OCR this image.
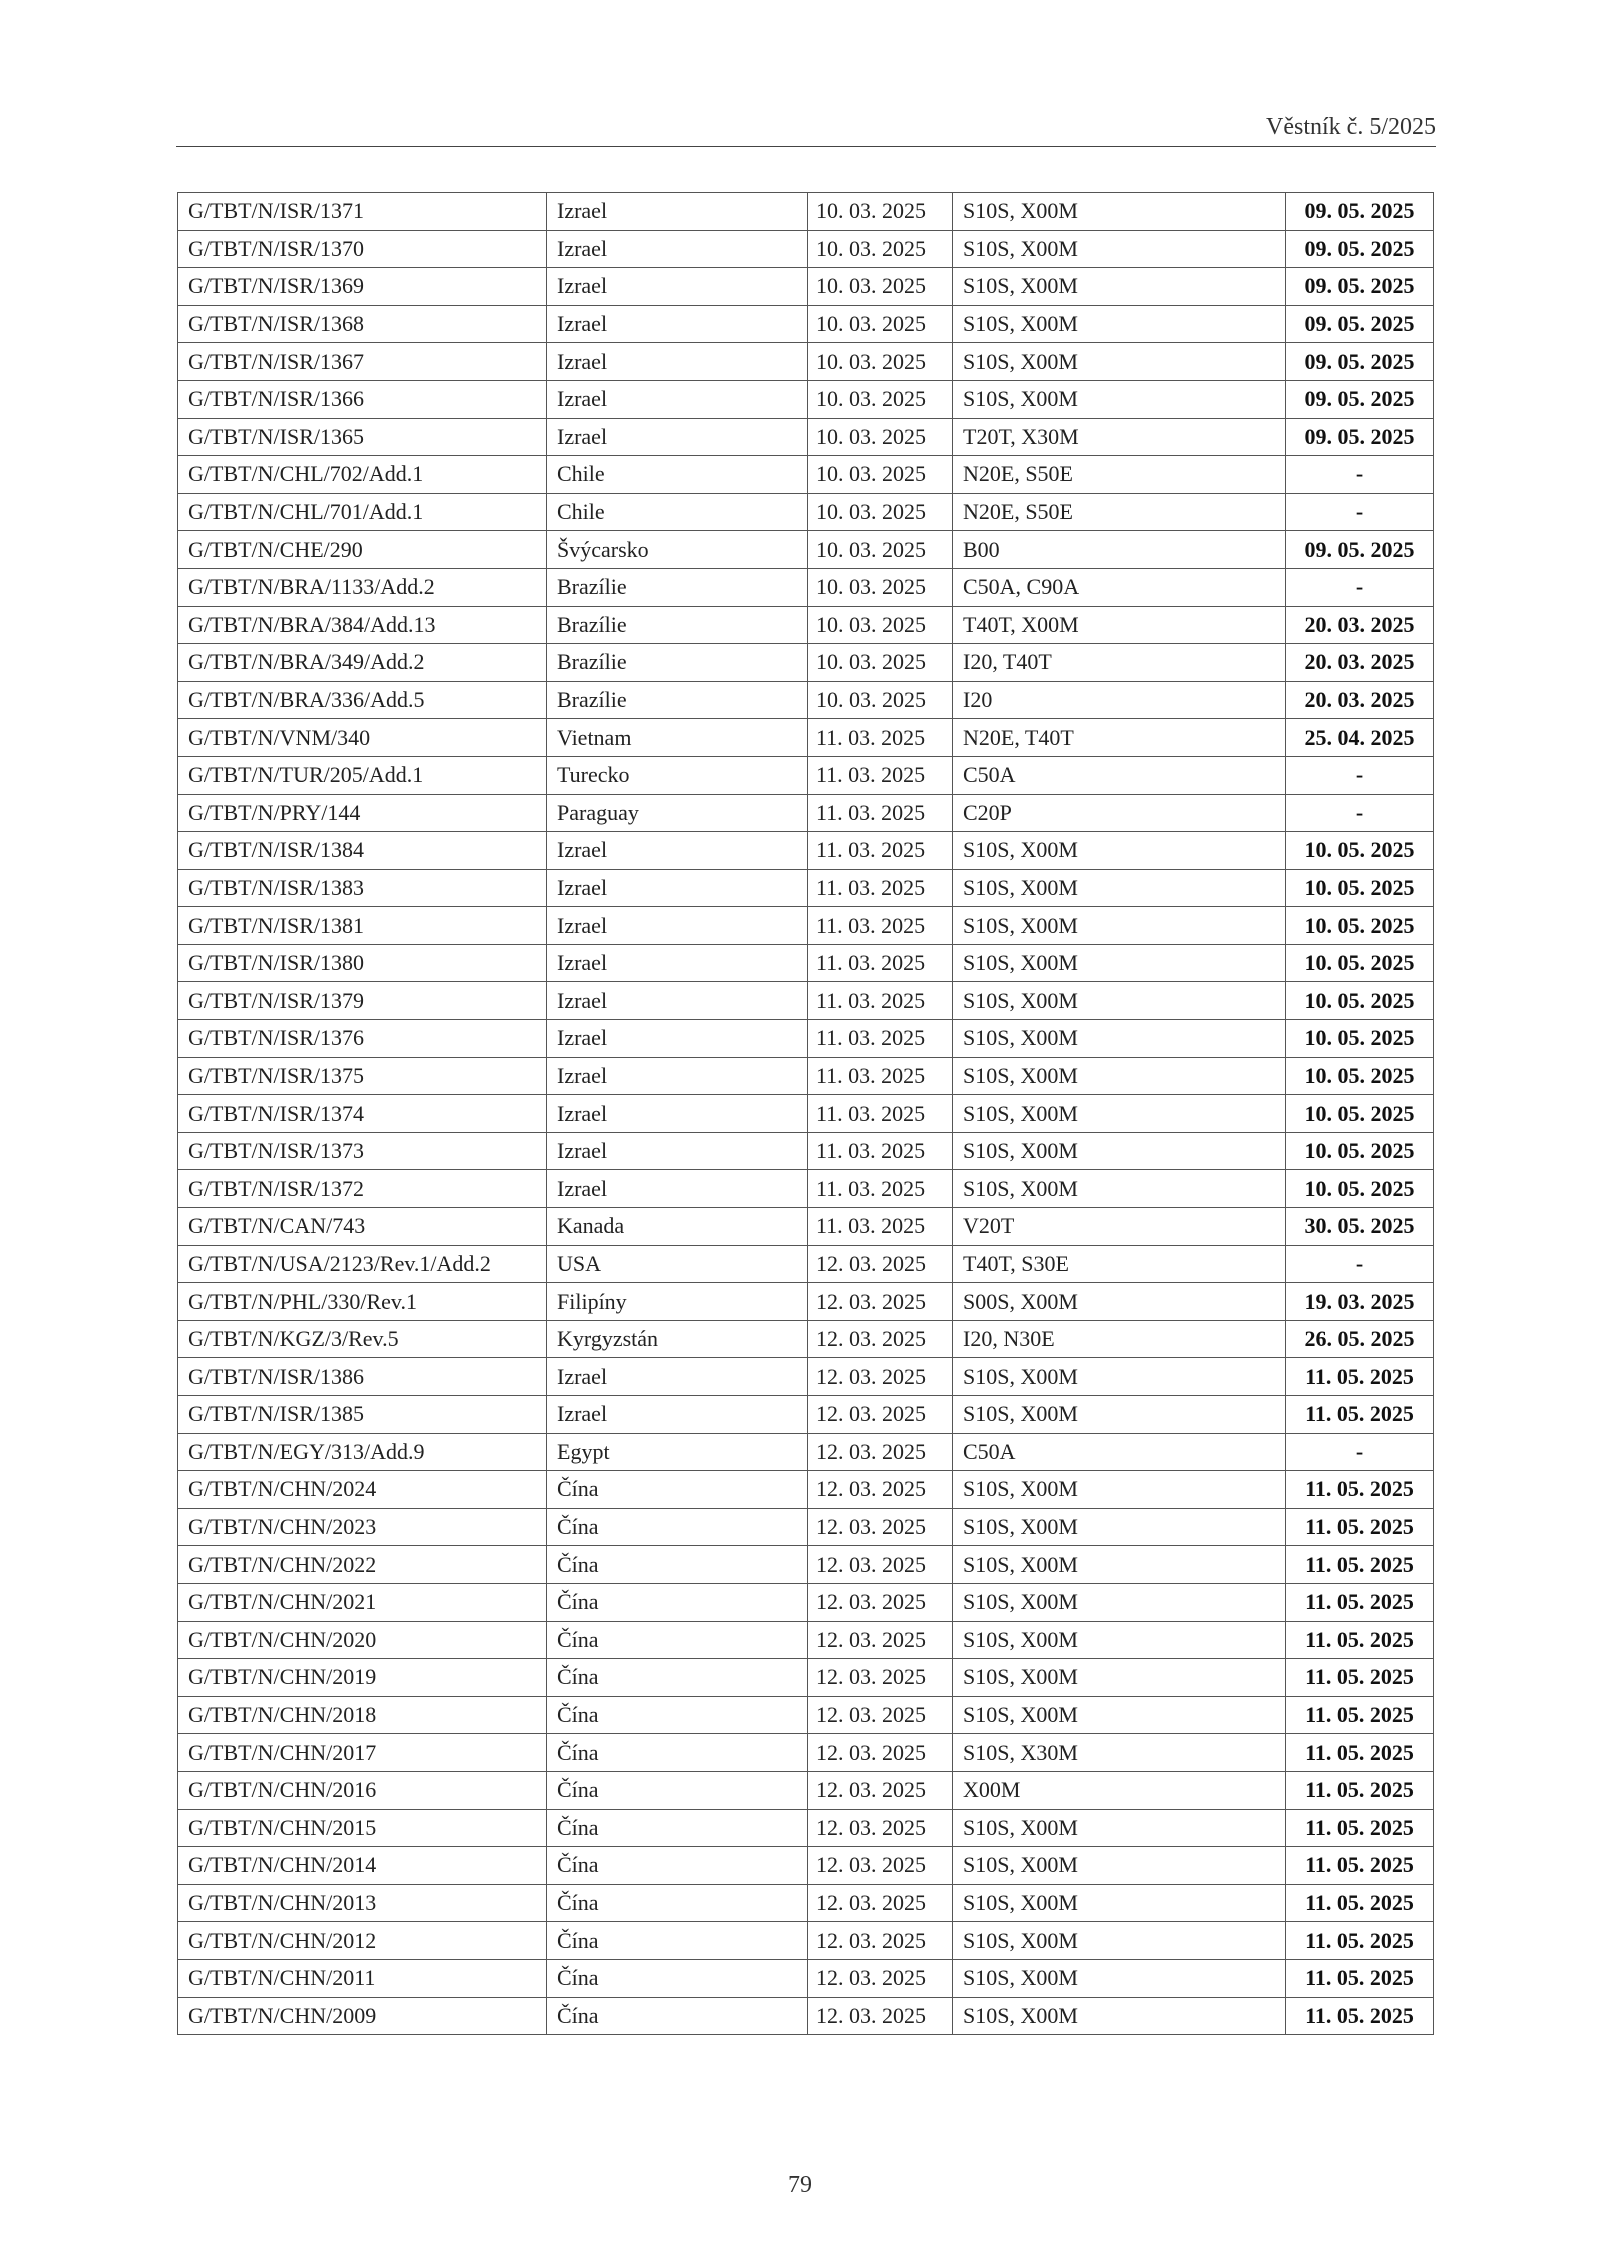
Věstník č. 5/2025
G/TBT/N/ISR/1371	Izrael	10. 03. 2025	S10S, X00M	09. 05. 2025
G/TBT/N/ISR/1370	Izrael	10. 03. 2025	S10S, X00M	09. 05. 2025
G/TBT/N/ISR/1369	Izrael	10. 03. 2025	S10S, X00M	09. 05. 2025
G/TBT/N/ISR/1368	Izrael	10. 03. 2025	S10S, X00M	09. 05. 2025
G/TBT/N/ISR/1367	Izrael	10. 03. 2025	S10S, X00M	09. 05. 2025
G/TBT/N/ISR/1366	Izrael	10. 03. 2025	S10S, X00M	09. 05. 2025
G/TBT/N/ISR/1365	Izrael	10. 03. 2025	T20T, X30M	09. 05. 2025
G/TBT/N/CHL/702/Add.1	Chile	10. 03. 2025	N20E, S50E	-
G/TBT/N/CHL/701/Add.1	Chile	10. 03. 2025	N20E, S50E	-
G/TBT/N/CHE/290	Švýcarsko	10. 03. 2025	B00	09. 05. 2025
G/TBT/N/BRA/1133/Add.2	Brazílie	10. 03. 2025	C50A, C90A	-
G/TBT/N/BRA/384/Add.13	Brazílie	10. 03. 2025	T40T, X00M	20. 03. 2025
G/TBT/N/BRA/349/Add.2	Brazílie	10. 03. 2025	I20, T40T	20. 03. 2025
G/TBT/N/BRA/336/Add.5	Brazílie	10. 03. 2025	I20	20. 03. 2025
G/TBT/N/VNM/340	Vietnam	11. 03. 2025	N20E, T40T	25. 04. 2025
G/TBT/N/TUR/205/Add.1	Turecko	11. 03. 2025	C50A	-
G/TBT/N/PRY/144	Paraguay	11. 03. 2025	C20P	-
G/TBT/N/ISR/1384	Izrael	11. 03. 2025	S10S, X00M	10. 05. 2025
G/TBT/N/ISR/1383	Izrael	11. 03. 2025	S10S, X00M	10. 05. 2025
G/TBT/N/ISR/1381	Izrael	11. 03. 2025	S10S, X00M	10. 05. 2025
G/TBT/N/ISR/1380	Izrael	11. 03. 2025	S10S, X00M	10. 05. 2025
G/TBT/N/ISR/1379	Izrael	11. 03. 2025	S10S, X00M	10. 05. 2025
G/TBT/N/ISR/1376	Izrael	11. 03. 2025	S10S, X00M	10. 05. 2025
G/TBT/N/ISR/1375	Izrael	11. 03. 2025	S10S, X00M	10. 05. 2025
G/TBT/N/ISR/1374	Izrael	11. 03. 2025	S10S, X00M	10. 05. 2025
G/TBT/N/ISR/1373	Izrael	11. 03. 2025	S10S, X00M	10. 05. 2025
G/TBT/N/ISR/1372	Izrael	11. 03. 2025	S10S, X00M	10. 05. 2025
G/TBT/N/CAN/743	Kanada	11. 03. 2025	V20T	30. 05. 2025
G/TBT/N/USA/2123/Rev.1/Add.2	USA	12. 03. 2025	T40T, S30E	-
G/TBT/N/PHL/330/Rev.1	Filipíny	12. 03. 2025	S00S, X00M	19. 03. 2025
G/TBT/N/KGZ/3/Rev.5	Kyrgyzstán	12. 03. 2025	I20, N30E	26. 05. 2025
G/TBT/N/ISR/1386	Izrael	12. 03. 2025	S10S, X00M	11. 05. 2025
G/TBT/N/ISR/1385	Izrael	12. 03. 2025	S10S, X00M	11. 05. 2025
G/TBT/N/EGY/313/Add.9	Egypt	12. 03. 2025	C50A	-
G/TBT/N/CHN/2024	Čína	12. 03. 2025	S10S, X00M	11. 05. 2025
G/TBT/N/CHN/2023	Čína	12. 03. 2025	S10S, X00M	11. 05. 2025
G/TBT/N/CHN/2022	Čína	12. 03. 2025	S10S, X00M	11. 05. 2025
G/TBT/N/CHN/2021	Čína	12. 03. 2025	S10S, X00M	11. 05. 2025
G/TBT/N/CHN/2020	Čína	12. 03. 2025	S10S, X00M	11. 05. 2025
G/TBT/N/CHN/2019	Čína	12. 03. 2025	S10S, X00M	11. 05. 2025
G/TBT/N/CHN/2018	Čína	12. 03. 2025	S10S, X00M	11. 05. 2025
G/TBT/N/CHN/2017	Čína	12. 03. 2025	S10S, X30M	11. 05. 2025
G/TBT/N/CHN/2016	Čína	12. 03. 2025	X00M	11. 05. 2025
G/TBT/N/CHN/2015	Čína	12. 03. 2025	S10S, X00M	11. 05. 2025
G/TBT/N/CHN/2014	Čína	12. 03. 2025	S10S, X00M	11. 05. 2025
G/TBT/N/CHN/2013	Čína	12. 03. 2025	S10S, X00M	11. 05. 2025
G/TBT/N/CHN/2012	Čína	12. 03. 2025	S10S, X00M	11. 05. 2025
G/TBT/N/CHN/2011	Čína	12. 03. 2025	S10S, X00M	11. 05. 2025
G/TBT/N/CHN/2009	Čína	12. 03. 2025	S10S, X00M	11. 05. 2025
79
